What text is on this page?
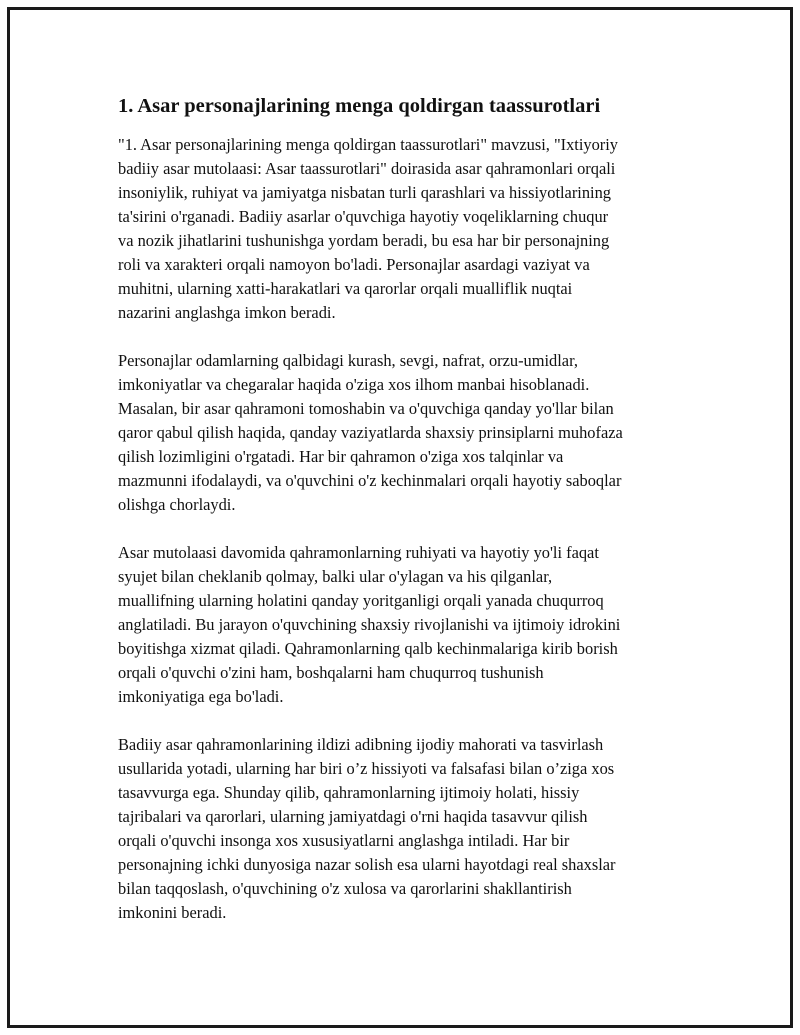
1. Asar personajlarining menga qoldirgan taassurotlari

"1. Asar personajlarining menga qoldirgan taassurotlari" mavzusi, "Ixtiyoriy
badiiy asar mutolaasi: Asar taassurotlari" doirasida asar qahramonlari orqali
insoniylik, ruhiyat va jamiyatga nisbatan turli qarashlari va hissiyotlarining
ta'sirini o'rganadi. Badiiy asarlar o'quvchiga hayotiy voqeliklarning chuqur
va nozik jihatlarini tushunishga yordam beradi, bu esa har bir personajning
roli va xarakteri orqali namoyon bo'ladi. Personajlar asardagi vaziyat va
muhitni, ularning xatti-harakatlari va qarorlar orqali mualliflik nuqtai
nazarini anglashga imkon beradi.

Personajlar odamlarning qalbidagi kurash, sevgi, nafrat, orzu-umidlar,
imkoniyatlar va chegaralar haqida o'ziga xos ilhom manbai hisoblanadi.
Masalan, bir asar qahramoni tomoshabin va o'quvchiga qanday yo'llar bilan
qaror qabul qilish haqida, qanday vaziyatlarda shaxsiy prinsiplarni muhofaza
qilish lozimligini o'rgatadi. Har bir qahramon o'ziga xos talqinlar va
mazmunni ifodalaydi, va o'quvchini o'z kechinmalari orqali hayotiy saboqlar
olishga chorlaydi.

Asar mutolaasi davomida qahramonlarning ruhiyati va hayotiy yo'li faqat
syujet bilan cheklanib qolmay, balki ular o'ylagan va his qilganlar,
muallifning ularning holatini qanday yoritganligi orqali yanada chuqurroq
anglatiladi. Bu jarayon o'quvchining shaxsiy rivojlanishi va ijtimoiy idrokini
boyitishga xizmat qiladi. Qahramonlarning qalb kechinmalariga kirib borish
orqali o'quvchi o'zini ham, boshqalarni ham chuqurroq tushunish
imkoniyatiga ega bo'ladi.

Badiiy asar qahramonlarining ildizi adibning ijodiy mahorati va tasvirlash
usullarida yotadi, ularning har biri o’z hissiyoti va falsafasi bilan o’ziga xos
tasavvurga ega. Shunday qilib, qahramonlarning ijtimoiy holati, hissiy
tajribalari va qarorlari, ularning jamiyatdagi o'rni haqida tasavvur qilish
orqali o'quvchi insonga xos xususiyatlarni anglashga intiladi. Har bir
personajning ichki dunyosiga nazar solish esa ularni hayotdagi real shaxslar
bilan taqqoslash, o'quvchining o'z xulosa va qarorlarini shakllantirish
imkonini beradi.
